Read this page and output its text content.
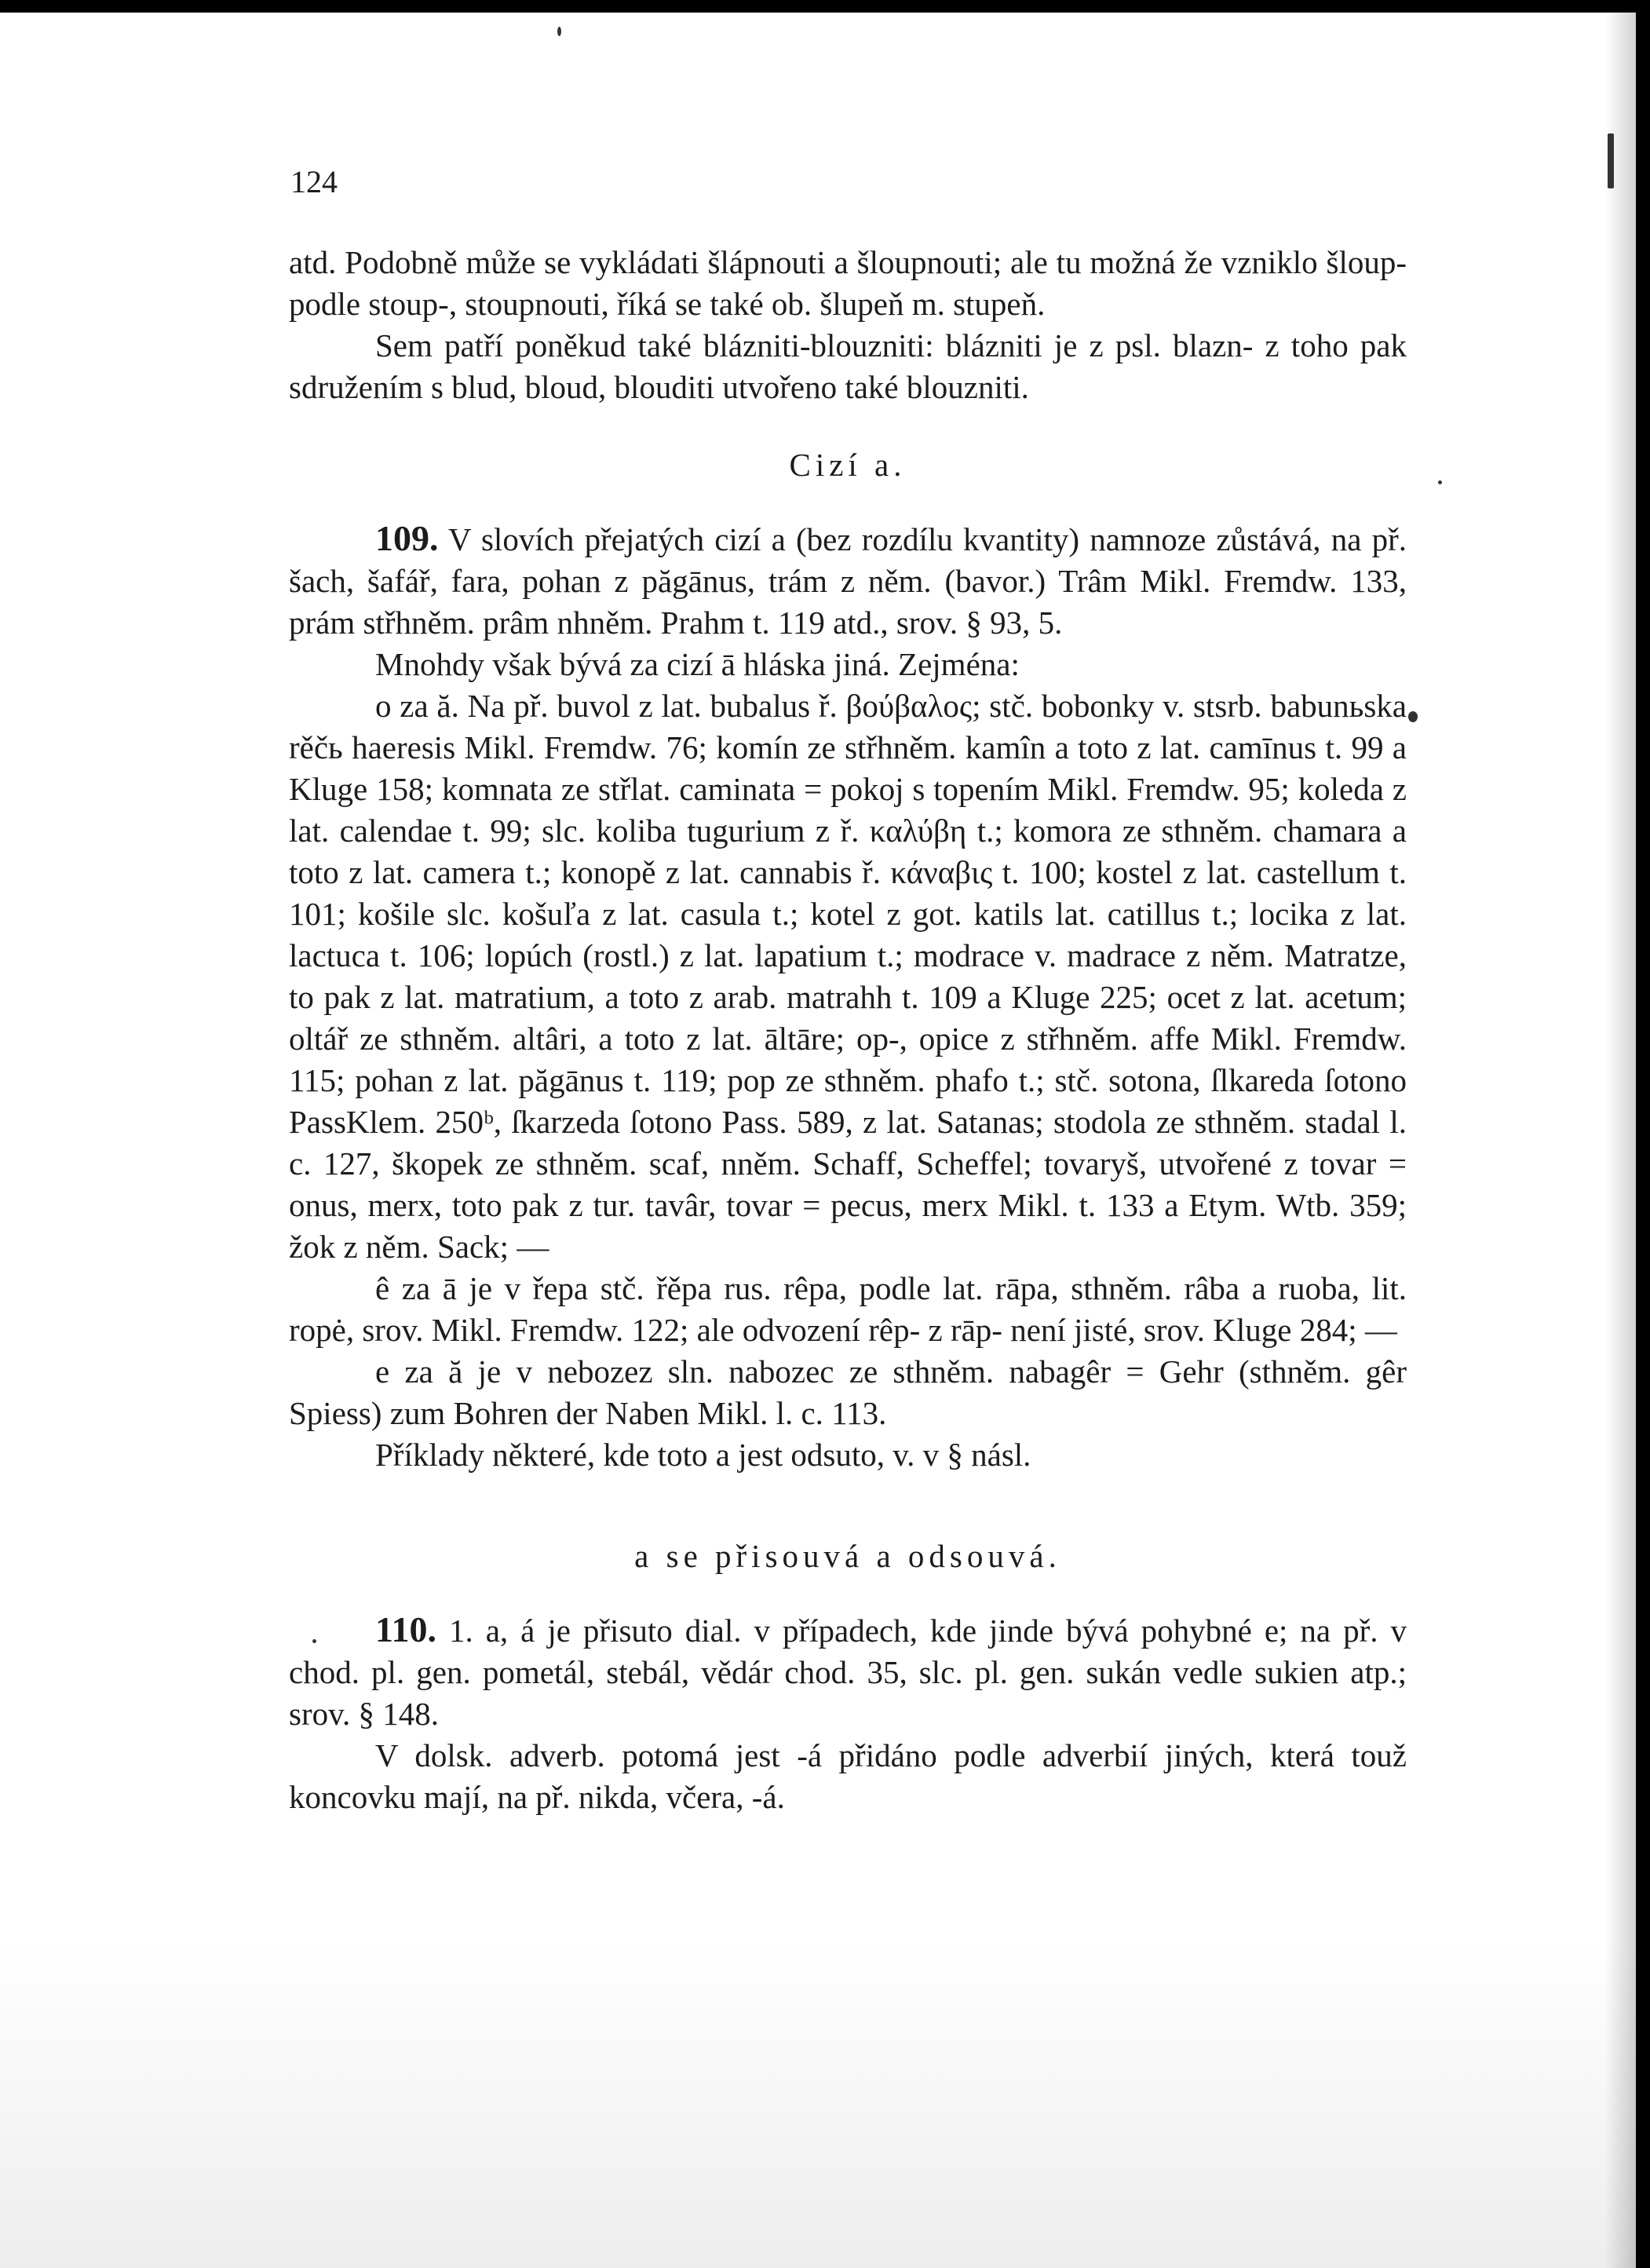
124

atd. Podobně může se vykládati šlápnouti a šloupnouti; ale tu možná že vzniklo šloup- podle stoup-, stoupnouti, říká se také ob. šlupeň m. stupeň.

Sem patří poněkud také blázniti-blouzniti: blázniti je z psl. blazn- z toho pak sdružením s blud, bloud, blouditi utvořeno také blouzniti.

Cizí a.

109. V slovích přejatých cizí a (bez rozdílu kvantity) namnoze zůstává, na př. šach, šafář, fara, pohan z păgānus, trám z něm. (bavor.) Trâm Mikl. Fremdw. 133, prám střhněm. prâm nhněm. Prahm t. 119 atd., srov. § 93, 5.

Mnohdy však bývá za cizí ā hláska jiná. Zejména:

o za ă. Na př. buvol z lat. bubalus ř. βούβαλος; stč. bobonky v. stsrb. babunьska rěčь haeresis Mikl. Fremdw. 76; komín ze střhněm. kamîn a toto z lat. camīnus t. 99 a Kluge 158; komnata ze střlat. caminata = pokoj s topením Mikl. Fremdw. 95; koleda z lat. calendae t. 99; slc. koliba tugurium z ř. καλύβη t.; komora ze sthněm. chamara a toto z lat. camera t.; konopě z lat. cannabis ř. κάναβις t. 100; kostel z lat. castellum t. 101; košile slc. košuľa z lat. casula t.; kotel z got. katils lat. catillus t.; locika z lat. lactuca t. 106; lopúch (rostl.) z lat. lapatium t.; modrace v. madrace z něm. Matratze, to pak z lat. matratium, a toto z arab. matrahh t. 109 a Kluge 225; ocet z lat. acetum; oltář ze sthněm. altâri, a toto z lat. āltāre; op-, opice z střhněm. affe Mikl. Fremdw. 115; pohan z lat. păgānus t. 119; pop ze sthněm. phafo t.; stč. sotona, ſlkareda ſotono PassKlem. 250ᵇ, ſkarzeda ſotono Pass. 589, z lat. Satanas; stodola ze sthněm. stadal l. c. 127, škopek ze sthněm. scaf, nněm. Schaff, Scheffel; tovaryš, utvořené z tovar = onus, merx, toto pak z tur. tavâr, tovar = pecus, merx Mikl. t. 133 a Etym. Wtb. 359; žok z něm. Sack; —

ê za ā je v řepa stč. řěpa rus. rêpa, podle lat. rāpa, sthněm. râba a ruoba, lit. ropė, srov. Mikl. Fremdw. 122; ale odvození rêp- z rāp- není jisté, srov. Kluge 284; —

e za ă je v nebozez sln. nabozec ze sthněm. nabagêr = Gehr (sthněm. gêr Spiess) zum Bohren der Naben Mikl. l. c. 113.

Příklady některé, kde toto a jest odsuto, v. v § násl.

a se přisouvá a odsouvá.

110. 1. a, á je přisuto dial. v případech, kde jinde bývá pohybné e; na př. v chod. pl. gen. pometál, stebál, vědár chod. 35, slc. pl. gen. sukán vedle sukien atp.; srov. § 148.

V dolsk. adverb. potomá jest -á přidáno podle adverbií jiných, která touž koncovku mají, na př. nikda, včera, -á.
